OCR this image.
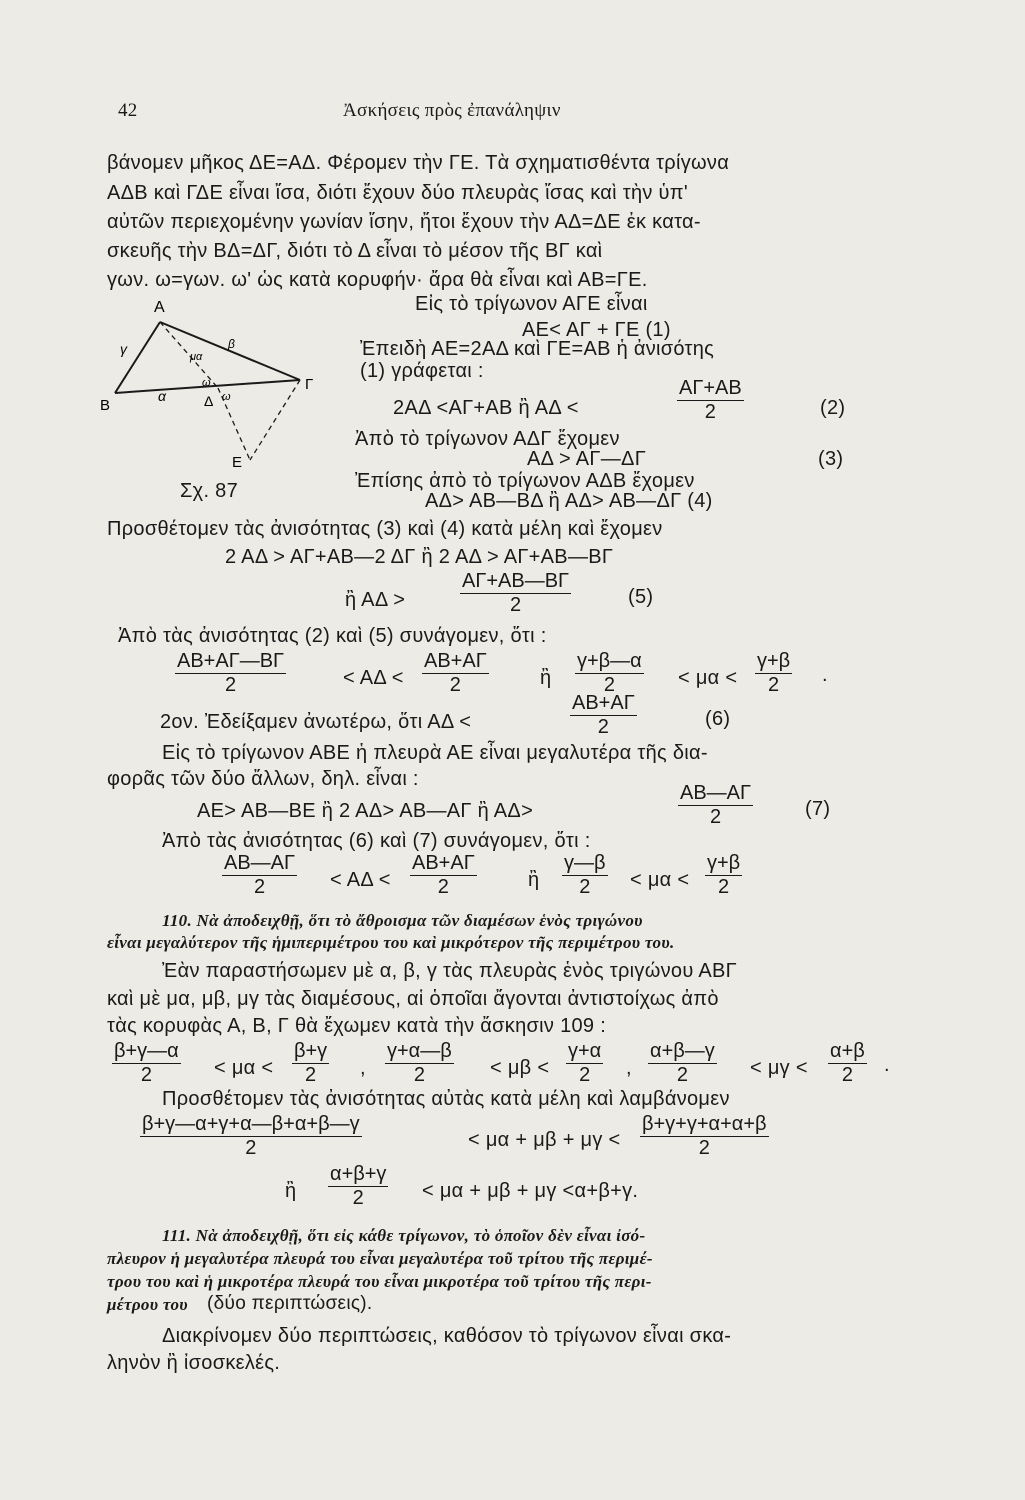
42	Ἀσκήσεις πρὸς ἐπανάληψιν
βάνομεν μῆκος ΔΕ=ΑΔ. Φέρομεν τὴν ΓΕ. Τὰ σχηματισθέντα τρίγωνα
ΑΔΒ καὶ ΓΔΕ εἶναι ἴσα, διότι ἔχουν δύο πλευρὰς ἴσας καὶ τὴν ὑπ'
αὐτῶν περιεχομένην γωνίαν ἴσην, ἤτοι ἔχουν τὴν ΑΔ=ΔΕ ἐκ κατα-
σκευῆς τὴν ΒΔ=ΔΓ, διότι τὸ Δ εἶναι τὸ μέσον τῆς ΒΓ καὶ
γων. ω=γων. ω' ὡς κατὰ κορυφήν· ἄρα θὰ εἶναι καὶ ΑΒ=ΓΕ.
Α
Β
Γ
Δ
Ε
α
β
γ	μα
ω
ω
Σχ. 87
Εἰς τὸ τρίγωνον ΑΓΕ εἶναι
ΑΕ< ΑΓ + ΓΕ (1)
Ἐπειδὴ ΑΕ=2ΑΔ καὶ ΓΕ=ΑΒ ἡ ἀνισότης
(1) γράφεται :
2ΑΔ <ΑΓ+ΑΒ ἢ ΑΔ <	$\frac{A\Gamma+AB}{2}$	(2)
Ἀπὸ τὸ τρίγωνον ΑΔΓ ἔχομεν
ΑΔ > ΑΓ—ΔΓ	(3)
Ἐπίσης ἀπὸ τὸ τρίγωνον ΑΔΒ ἔχομεν
ΑΔ> ΑΒ—ΒΔ ἢ ΑΔ> ΑΒ—ΔΓ (4)
Προσθέτομεν τὰς ἀνισότητας (3) καὶ (4) κατὰ μέλη καὶ ἔχομεν
2 ΑΔ > ΑΓ+ΑΒ—2 ΔΓ ἢ 2 ΑΔ > ΑΓ+ΑΒ—ΒΓ
ἢ ΑΔ >	$\frac{A\Gamma+AB—B\Gamma}{2}$	(5)
Ἀπὸ τὰς ἀνισότητας (2) καὶ (5) συνάγομεν, ὅτι :
$\frac{AB+A\Gamma—B\Gamma}{2}$	< $A\Delta < \frac{AB+A\Gamma}{2}$	ἢ $\frac{\gamma+\beta—\alpha}{2} < \mu\alpha < \frac{\gamma+\beta}{2}$ .
2ον. Ἐδείξαμεν ἀνωτέρω, ὅτι ΑΔ <	$\frac{AB+A\Gamma}{2}$	(6)
Εἰς τὸ τρίγωνον ΑΒΕ ἡ πλευρὰ ΑΕ εἶναι μεγαλυτέρα τῆς δια-
φορᾶς τῶν δύο ἄλλων, δηλ. εἶναι :
ΑΕ> ΑΒ—ΒΕ ἢ 2 ΑΔ> ΑΒ—ΑΓ ἢ ΑΔ>	$\frac{AB—A\Gamma}{2}$	(7)
Ἀπὸ τὰς ἀνισότητας (6) καὶ (7) συνάγομεν, ὅτι :
$\frac{AB—A\Gamma}{2} < A\Delta < \frac{AB+A\Gamma}{2}$	ἢ $\frac{\gamma—\beta}{2} < \mu\alpha < \frac{\gamma+\beta}{2}$
110. Νὰ ἀποδειχθῇ, ὅτι τὸ ἄθροισμα τῶν διαμέσων ἑνὸς τριγώνου
εἶναι μεγαλύτερον τῆς ἡμιπεριμέτρου του καὶ μικρότερον τῆς περιμέτρου του.
Ἐὰν παραστήσωμεν μὲ α, β, γ τὰς πλευρὰς ἑνὸς τριγώνου ΑΒΓ
καὶ μὲ μα, μβ, μγ τὰς διαμέσους, αἱ ὁποῖαι ἄγονται ἀντιστοίχως ἀπὸ
τὰς κορυφὰς Α, Β, Γ θὰ ἔχωμεν κατὰ τὴν ἄσκησιν 109 :
$\frac{\beta+\gamma—\alpha}{2} < \mu\alpha < \frac{\beta+\gamma}{2}$ , $\frac{\gamma+\alpha—\beta}{2} < \mu\beta < \frac{\gamma+\alpha}{2}$ , $\frac{\alpha+\beta—\gamma}{2} < \mu\gamma < \frac{\alpha+\beta}{2}$ .
Προσθέτομεν τὰς ἀνισότητας αὐτὰς κατὰ μέλη καὶ λαμβάνομεν
$\frac{\beta+\gamma—\alpha+\gamma+\alpha—\beta+\alpha+\beta—\gamma}{2}$	< $\mu\alpha + \mu\beta + \mu\gamma < \frac{\beta+\gamma+\gamma+\alpha+\alpha+\beta}{2}$
ἢ $\frac{\alpha+\beta+\gamma}{2} < \mu\alpha + \mu\beta + \mu\gamma <\alpha+\beta+\gamma$.
111. Νὰ ἀποδειχθῇ, ὅτι εἰς κάθε τρίγωνον, τὸ ὁποῖον δὲν εἶναι ἰσό-
πλευρον ἡ μεγαλυτέρα πλευρά του εἶναι μεγαλυτέρα τοῦ τρίτου τῆς περιμέ-
τρου του καὶ ἡ μικροτέρα πλευρά του εἶναι μικροτέρα τοῦ τρίτου τῆς περι-
μέτρου του (δύο περιπτώσεις).
Διακρίνομεν δύο περιπτώσεις, καθόσον τὸ τρίγωνον εἶναι σκα-
ληνὸν ἢ ἰσοσκελές.
